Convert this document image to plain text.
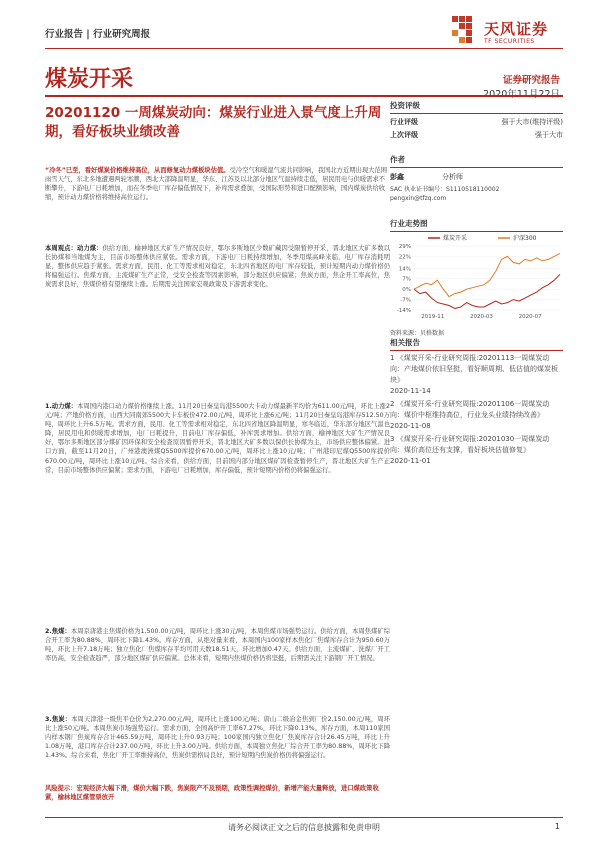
行业报告 | 行业研究周报	天风证券
TF SECURITIES
煤炭开采	证券研究报告
20201120 一周煤炭动向：煤炭行业进入景气度上升周期，看好板块业绩改善
“冷冬”已至，看好煤炭价格维持高位，从而修复动力煤板块估值。受冷空气和暖湿气流共同影响，我国北方近期出现大范围雨雪天气，东北多地遭遇两轮寒潮，西北大部降温明显，华东、江苏及以北部分地区气温持续走低，居民用电与供暖需求不断攀升，下游电厂日耗增加，而在冬季电厂库存偏低情况下，补库需求叠加，受国际形势和进口配额影响，国内煤炭供给收缩，预计动力煤价格将维持高位运行。
本周观点：动力煤：供给方面，榆神地区大矿生产情况良好，鄂尔多斯地区少数矿藏因受限暂停开采，晋北地区大矿多数以长协煤和当地煤为主，目前市场整体供应紧张。需求方面，下游电厂日耗持续增加，冬季用煤高峰来临，电厂库存消耗明显，整体供应趋于紧张。需求方面，民用、化工等需求相对稳定，东北四省地区的电厂库存较低，预计短期内动力煤价格仍将偏强运行。焦煤方面，主流煤矿生产正常，受安全检查等因素影响，部分地区供应偏紧；焦炭方面，焦企开工率高位，焦炭需求良好，焦煤价格有望继续上涨。后期需关注国家宏观政策及下游需求变化。
1.动力煤：本周国内港口动力煤价格继续上涨。11月20日秦皇岛港5500大卡动力煤最新平均价为611.00元/吨，环比上涨2元/吨；产地价格方面，山西大同南郊5500大卡车板价472.00元/吨，周环比上涨6元/吨；11月20日秦皇岛港库存512.50万吨，周环比上升6.5万吨。需求方面，民用、化工等需求相对稳定，东北四省地区降温明显，寒冬临近，华东部分地区气温也降，居民用电和供暖需求增加，电厂日耗提升，目前电厂库存偏低，补库需求增加。供给方面，榆神地区大矿生产情况良好，鄂尔多斯地区部分煤矿因环保和安全检查原因暂停开采，晋北地区大矿多数以保供长协煤为主，市场供应整体偏紧。进口方面，截至11月20日，广州港澳洲煤Q5500库提价670.00元/吨，周环比上涨10元/吨；广州港印尼煤Q5500库提价670.00元/吨，周环比上涨10元/吨。综合来看，供给方面，目前国内部分地区煤矿因检查暂停生产，晋北地区大矿生产正常，目前市场整体供应偏紧；需求方面，下游电厂日耗增加，库存偏低，预计短期内价格仍将偏强运行。
2.焦煤：本周京唐港主焦煤价格为1,500.00元/吨，周环比上涨30元/吨，本周焦煤市场强势运行。供给方面，本周焦煤矿综合开工率为80.88%，周环比下降1.43%。库存方面，从绝对量来看，本周国内100家样本焦化厂焦煤库存合计为950.60万吨，环比上升7.18万吨；独立焦化厂焦煤库存平均可用天数18.51天，环比增加0.47天。供给方面，主流煤矿、洗煤厂开工率仍高，安全检查趋严，部分地区煤矿供应偏紧。总体来看，短期内焦煤价格仍将坚挺，后期需关注下游钢厂开工情况。
3.焦炭：本周天津港一级焦平仓价为2,270.00元/吨，周环比上涨100元/吨；唐山二级冶金焦到厂价2,150.00元/吨，周环比上涨50元/吨。本周焦炭市场强势运行。需求方面，全国高炉开工率67.27%，环比下降0.13%。库存方面，本周110家国内样本钢厂焦炭库存合计465.59万吨，周环比上升0.93万吨；100家国内独立焦化厂焦炭库存合计26.45万吨，环比上升1.08万吨，港口库存合计237.00万吨，环比上升3.00万吨。供给方面，本周独立焦化厂综合开工率为80.88%，周环比下降1.43%。综合来看，焦化厂开工率维持高位，焦炭供需格局良好，预计短期内焦炭价格仍将偏强运行。
风险提示：宏观经济大幅下滑，煤价大幅下跌，焦炭限产不及预期，政策性调控煤价，新增产能大量释放，进口煤政策收紧，榆林地区煤管票放开
投资评级
行业评级	强于大市(维持评级)
上次评级	强于大市
作者
彭鑫	分析师
SAC 执业证书编号：S1110518110002
pengxin@tfzq.com
行业走势图
29%
22%
14%
7%
0%
-7%
-14%
2019-11	2020-03	2020-07
煤炭开采	沪深300
资料来源：贝格数据
相关报告
1 《煤炭开采-行业研究周报:20201113一周煤炭动向：产地煤价依旧坚挺，看好顺周期、低估值的煤炭板块》
2020-11-14
2 《煤炭开采-行业研究周报:20201106一周煤炭动向：煤价中枢维持高位，行业龙头业绩持续改善》
2020-11-08
3 《煤炭开采-行业研究周报:20201030一周煤炭动向：煤价高位还有支撑，看好板块估值修复》
2020-11-01
请务必阅读正文之后的信息披露和免责申明	1
